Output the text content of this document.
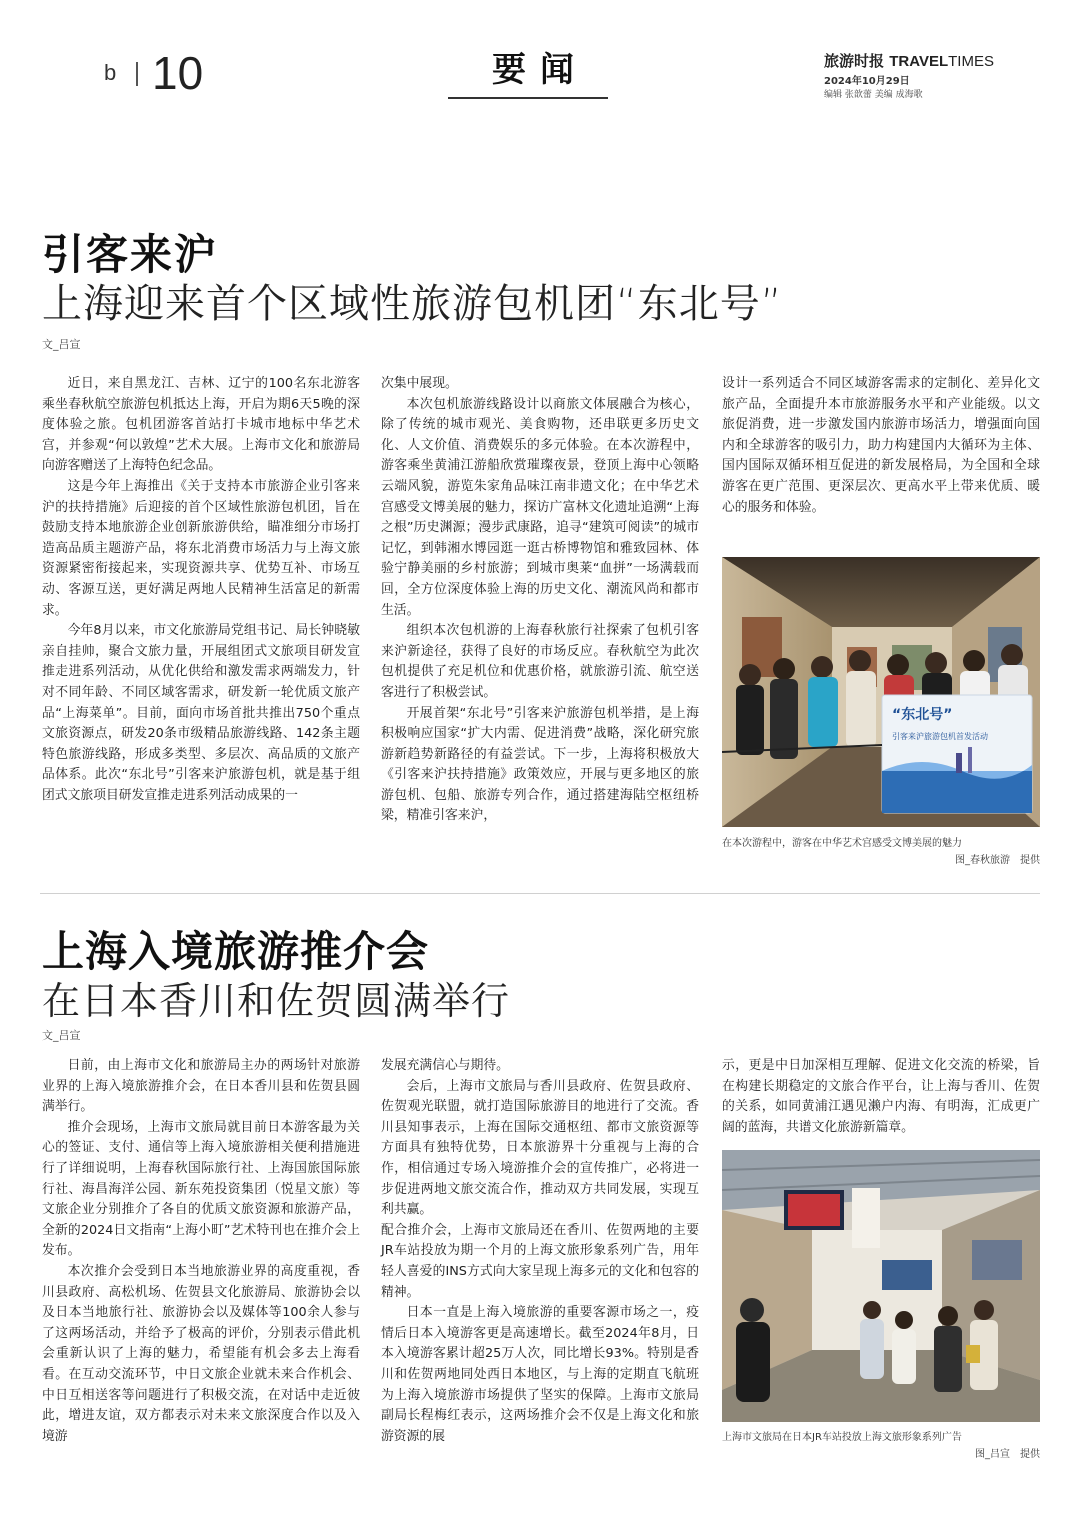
b 10	要闻	旅游时报 TRAVELTIMES
2024年10月29日
编辑 张歆蕾 美编 成海歌
引客来沪
上海迎来首个区域性旅游包机团“东北号”
文_吕宣

近日，来自黑龙江、吉林、辽宁的100名东北游客乘坐春秋航空旅游包机抵达上海，开启为期6天5晚的深度体验之旅。包机团游客首站打卡城市地标中华艺术宫，并参观“何以敦煌”艺术大展。上海市文化和旅游局向游客赠送了上海特色纪念品。

这是今年上海推出《关于支持本市旅游企业引客来沪的扶持措施》后迎接的首个区域性旅游包机团，旨在鼓励支持本地旅游企业创新旅游供给，瞄准细分市场打造高品质主题游产品，将东北消费市场活力与上海文旅资源紧密衔接起来，实现资源共享、优势互补、市场互动、客源互送，更好满足两地人民精神生活富足的新需求。

今年8月以来，市文化旅游局党组书记、局长钟晓敏亲自挂帅，聚合文旅力量，开展组团式文旅项目研发宣推走进系列活动，从优化供给和激发需求两端发力，针对不同年龄、不同区域客需求，研发新一轮优质文旅产品“上海菜单”。目前，面向市场首批共推出750个重点文旅资源点，研发20条市级精品旅游线路、142条主题特色旅游线路，形成多类型、多层次、高品质的文旅产品体系。此次“东北号”引客来沪旅游包机，就是基于组团式文旅项目研发宣推走进系列活动成果的一

次集中展现。

本次包机旅游线路设计以商旅文体展融合为核心，除了传统的城市观光、美食购物，还串联更多历史文化、人文价值、消费娱乐的多元体验。在本次游程中，游客乘坐黄浦江游船欣赏璀璨夜景，登顶上海中心领略云端风貌，游览朱家角品味江南非遗文化；在中华艺术宫感受文博美展的魅力，探访广富林文化遗址追溯“上海之根”历史渊源；漫步武康路，追寻“建筑可阅读”的城市记忆，到韩湘水博园逛一逛古桥博物馆和雅致园林、体验宁静美丽的乡村旅游；到城市奥莱“血拼”一场满载而回，全方位深度体验上海的历史文化、潮流风尚和都市生活。

组织本次包机游的上海春秋旅行社探索了包机引客来沪新途径，获得了良好的市场反应。春秋航空为此次包机提供了充足机位和优惠价格，就旅游引流、航空送客进行了积极尝试。

开展首架“东北号”引客来沪旅游包机举措，是上海积极响应国家“扩大内需、促进消费”战略，深化研究旅游新趋势新路径的有益尝试。下一步，上海将积极放大《引客来沪扶持措施》政策效应，开展与更多地区的旅游包机、包船、旅游专列合作，通过搭建海陆空枢纽桥梁，精准引客来沪，

设计一系列适合不同区域游客需求的定制化、差异化文旅产品，全面提升本市旅游服务水平和产业能级。以文旅促消费，进一步激发国内旅游市场活力，增强面向国内和全球游客的吸引力，助力构建国内大循环为主体、国内国际双循环相互促进的新发展格局，为全国和全球游客在更广范围、更深层次、更高水平上带来优质、暖心的服务和体验。

“东北号”
引客来沪旅游包机首发活动
在本次游程中，游客在中华艺术宫感受文博美展的魅力
图_春秋旅游　提供
上海入境旅游推介会
在日本香川和佐贺圆满举行
文_吕宣

日前，由上海市文化和旅游局主办的两场针对旅游业界的上海入境旅游推介会，在日本香川县和佐贺县圆满举行。

推介会现场，上海市文旅局就目前日本游客最为关心的签证、支付、通信等上海入境旅游相关便利措施进行了详细说明，上海春秋国际旅行社、上海国旅国际旅行社、海昌海洋公园、新东苑投资集团（悦星文旅）等文旅企业分别推介了各自的优质文旅资源和旅游产品，全新的2024日文指南“上海小町”艺术特刊也在推介会上发布。

本次推介会受到日本当地旅游业界的高度重视，香川县政府、高松机场、佐贺县文化旅游局、旅游协会以及日本当地旅行社、旅游协会以及媒体等100余人参与了这两场活动，并给予了极高的评价，分别表示借此机会重新认识了上海的魅力，希望能有机会多去上海看看。在互动交流环节，中日文旅企业就未来合作机会、中日互相送客等问题进行了积极交流，在对话中走近彼此，增进友谊，双方都表示对未来文旅深度合作以及入境游

发展充满信心与期待。

会后，上海市文旅局与香川县政府、佐贺县政府、佐贺观光联盟，就打造国际旅游目的地进行了交流。香川县知事表示，上海在国际交通枢纽、都市文旅资源等方面具有独特优势，日本旅游界十分重视与上海的合作，相信通过专场入境游推介会的宣传推广，必将进一步促进两地文旅交流合作，推动双方共同发展，实现互利共赢。

配合推介会，上海市文旅局还在香川、佐贺两地的主要JR车站投放为期一个月的上海文旅形象系列广告，用年轻人喜爱的INS方式向大家呈现上海多元的文化和包容的精神。

日本一直是上海入境旅游的重要客源市场之一，疫情后日本入境游客更是高速增长。截至2024年8月，日本入境游客累计超25万人次，同比增长93%。特别是香川和佐贺两地同处西日本地区，与上海的定期直飞航班为上海入境旅游市场提供了坚实的保障。上海市文旅局副局长程梅红表示，这两场推介会不仅是上海文化和旅游资源的展

示，更是中日加深相互理解、促进文化交流的桥梁，旨在构建长期稳定的文旅合作平台，让上海与香川、佐贺的关系，如同黄浦江遇见濑户内海、有明海，汇成更广阔的蓝海，共谱文化旅游新篇章。

上海市文旅局在日本JR车站投放上海文旅形象系列广告
图_吕宣　提供
